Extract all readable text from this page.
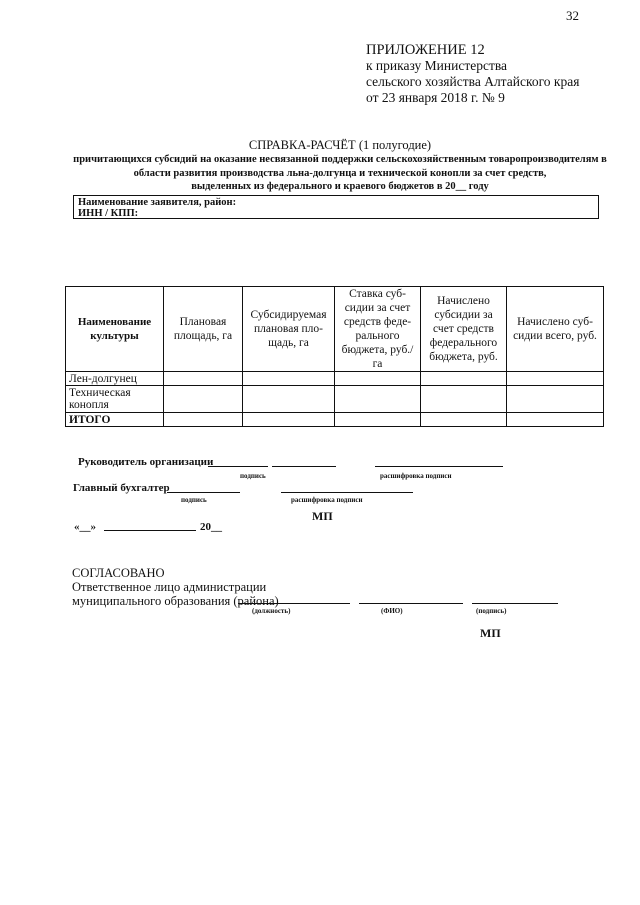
32
ПРИЛОЖЕНИЕ 12
к приказу Министерства
сельского хозяйства Алтайского края
от 23 января 2018 г. № 9
СПРАВКА-РАСЧЁТ (1 полугодие)
причитающихся субсидий на оказание несвязанной поддержки сельскохозяйственным товаропроизводителям в
области развития производства льна-долгунца и технической конопли за счет средств,
выделенных из федерального и краевого бюджетов в 20__ году
Наименование заявителя, район:
ИНН / КПП:
Наименование культуры	Плановая площадь, га	Субсидируемая плановая пло-щадь, га	Ставка суб-сидии за счет средств феде-рального бюджета, руб./га	Начислено субсидии за счет средств федерального бюджета, руб.	Начислено суб-сидии всего, руб.
Лен-долгунец					
Техническая конопля					
ИТОГО					
Руководитель организации
подпись	расшифровка подписи
Главный бухгалтер
подпись	расшифровка подписи
МП
«__»	20__
СОГЛАСОВАНО
Ответственное лицо администрации
муниципального образования (района)
(должность)	(ФИО)	(подпись)
МП
